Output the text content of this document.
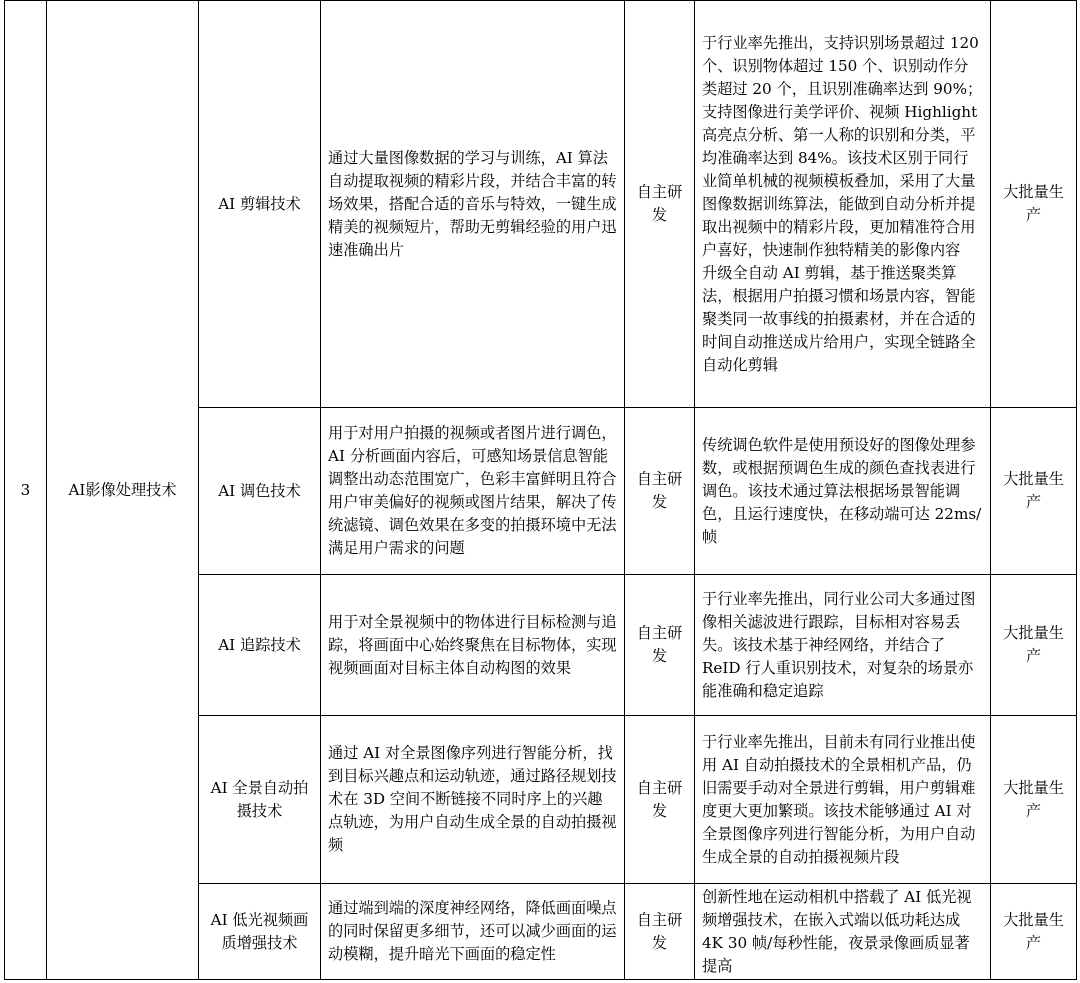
3	AI影像处理技术	AI 剪辑技术	通过大量图像数据的学习与训练，AI 算法自动提取视频的精彩片段，并结合丰富的转场效果，搭配合适的音乐与特效，一键生成精美的视频短片，帮助无剪辑经验的用户迅速准确出片	自主研发	于行业率先推出，支持识别场景超过 120 个、识别物体超过 150 个、识别动作分类超过 20 个，且识别准确率达到 90%；支持图像进行美学评价、视频 Highlight 高亮点分析、第一人称的识别和分类，平均准确率达到 84%。该技术区别于同行业简单机械的视频模板叠加，采用了大量图像数据训练算法，能做到自动分析并提取出视频中的精彩片段，更加精准符合用户喜好，快速制作独特精美的影像内容
升级全自动 AI 剪辑，基于推送聚类算法，根据用户拍摄习惯和场景内容，智能聚类同一故事线的拍摄素材，并在合适的时间自动推送成片给用户，实现全链路全自动化剪辑	大批量生产
		AI 调色技术	用于对用户拍摄的视频或者图片进行调色，AI 分析画面内容后，可感知场景信息智能调整出动态范围宽广，色彩丰富鲜明且符合用户审美偏好的视频或图片结果，解决了传统滤镜、调色效果在多变的拍摄环境中无法满足用户需求的问题	自主研发	传统调色软件是使用预设好的图像处理参数，或根据预调色生成的颜色查找表进行调色。该技术通过算法根据场景智能调色，且运行速度快，在移动端可达 22ms/帧	大批量生产
		AI 追踪技术	用于对全景视频中的物体进行目标检测与追踪，将画面中心始终聚焦在目标物体，实现视频画面对目标主体自动构图的效果	自主研发	于行业率先推出，同行业公司大多通过图像相关滤波进行跟踪，目标相对容易丢失。该技术基于神经网络，并结合了 ReID 行人重识别技术，对复杂的场景亦能准确和稳定追踪	大批量生产
		AI 全景自动拍摄技术	通过 AI 对全景图像序列进行智能分析，找到目标兴趣点和运动轨迹，通过路径规划技术在 3D 空间不断链接不同时序上的兴趣点轨迹，为用户自动生成全景的自动拍摄视频	自主研发	于行业率先推出，目前未有同行业推出使用 AI 自动拍摄技术的全景相机产品，仍旧需要手动对全景进行剪辑，用户剪辑难度更大更加繁琐。该技术能够通过 AI 对全景图像序列进行智能分析，为用户自动生成全景的自动拍摄视频片段	大批量生产
		AI 低光视频画质增强技术	通过端到端的深度神经网络，降低画面噪点的同时保留更多细节，还可以减少画面的运动模糊，提升暗光下画面的稳定性	自主研发	创新性地在运动相机中搭载了 AI 低光视频增强技术，在嵌入式端以低功耗达成 4K 30 帧/每秒性能，夜景录像画质显著提高	大批量生产
